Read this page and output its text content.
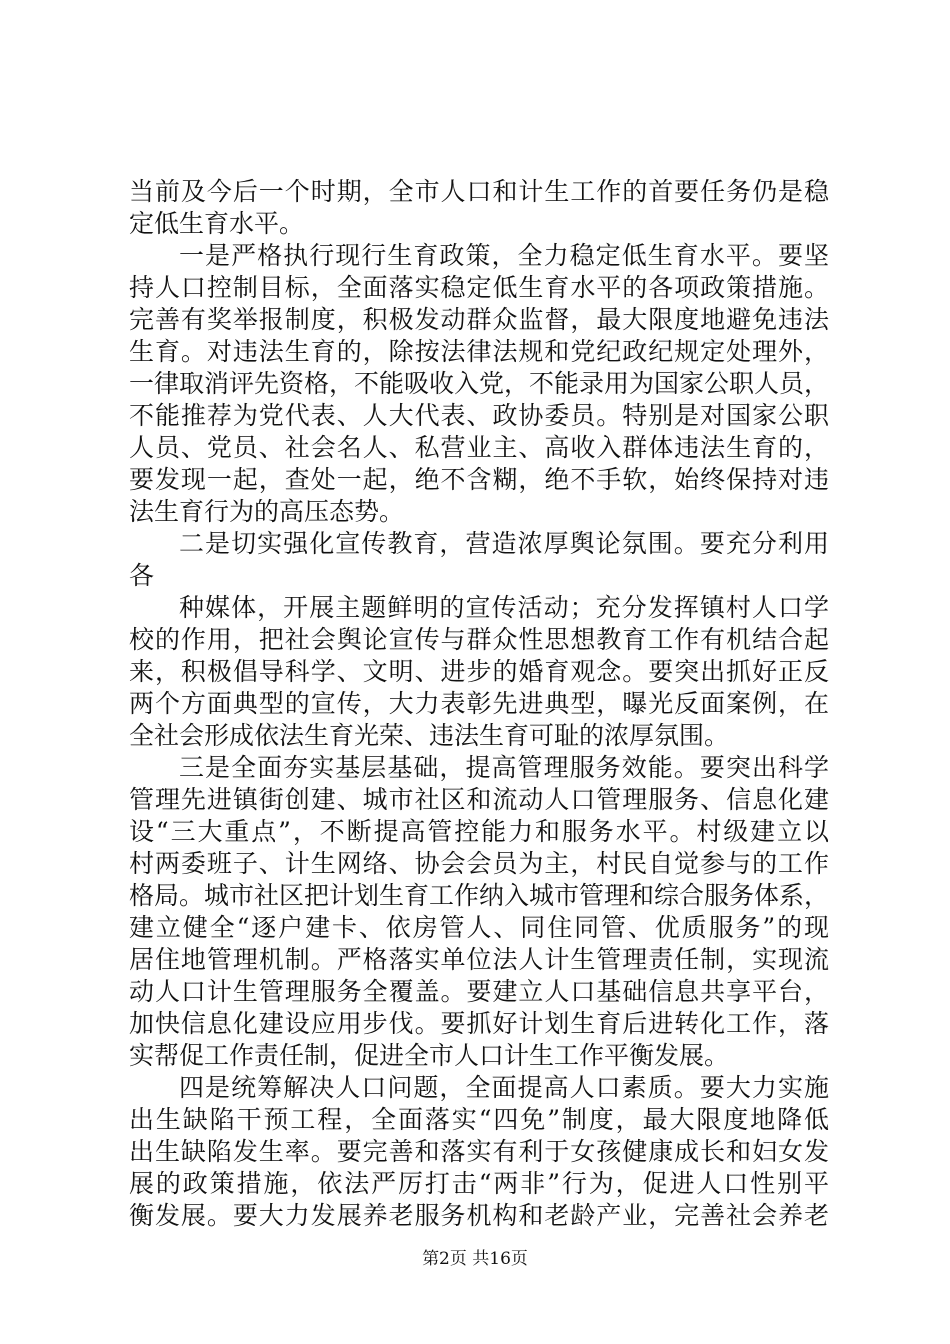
当前及今后一个时期，全市人口和计生工作的首要任务仍是稳
定低生育水平。
一是严格执行现行生育政策，全力稳定低生育水平。要坚
持人口控制目标，全面落实稳定低生育水平的各项政策措施。
完善有奖举报制度，积极发动群众监督，最大限度地避免违法
生育。对违法生育的，除按法律法规和党纪政纪规定处理外，
一律取消评先资格，不能吸收入党，不能录用为国家公职人员，
不能推荐为党代表、人大代表、政协委员。特别是对国家公职
人员、党员、社会名人、私营业主、高收入群体违法生育的，
要发现一起，查处一起，绝不含糊，绝不手软，始终保持对违
法生育行为的高压态势。
二是切实强化宣传教育，营造浓厚舆论氛围。要充分利用
各
种媒体，开展主题鲜明的宣传活动；充分发挥镇村人口学
校的作用，把社会舆论宣传与群众性思想教育工作有机结合起
来，积极倡导科学、文明、进步的婚育观念。要突出抓好正反
两个方面典型的宣传，大力表彰先进典型，曝光反面案例，在
全社会形成依法生育光荣、违法生育可耻的浓厚氛围。
三是全面夯实基层基础，提高管理服务效能。要突出科学
管理先进镇街创建、城市社区和流动人口管理服务、信息化建
设“三大重点”，不断提高管控能力和服务水平。村级建立以
村两委班子、计生网络、协会会员为主，村民自觉参与的工作
格局。城市社区把计划生育工作纳入城市管理和综合服务体系，
建立健全“逐户建卡、依房管人、同住同管、优质服务”的现
居住地管理机制。严格落实单位法人计生管理责任制，实现流
动人口计生管理服务全覆盖。要建立人口基础信息共享平台，
加快信息化建设应用步伐。要抓好计划生育后进转化工作，落
实帮促工作责任制，促进全市人口计生工作平衡发展。
四是统筹解决人口问题，全面提高人口素质。要大力实施
出生缺陷干预工程，全面落实“四免”制度，最大限度地降低
出生缺陷发生率。要完善和落实有利于女孩健康成长和妇女发
展的政策措施，依法严厉打击“两非”行为，促进人口性别平
衡发展。要大力发展养老服务机构和老龄产业，完善社会养老
第2页 共16页
